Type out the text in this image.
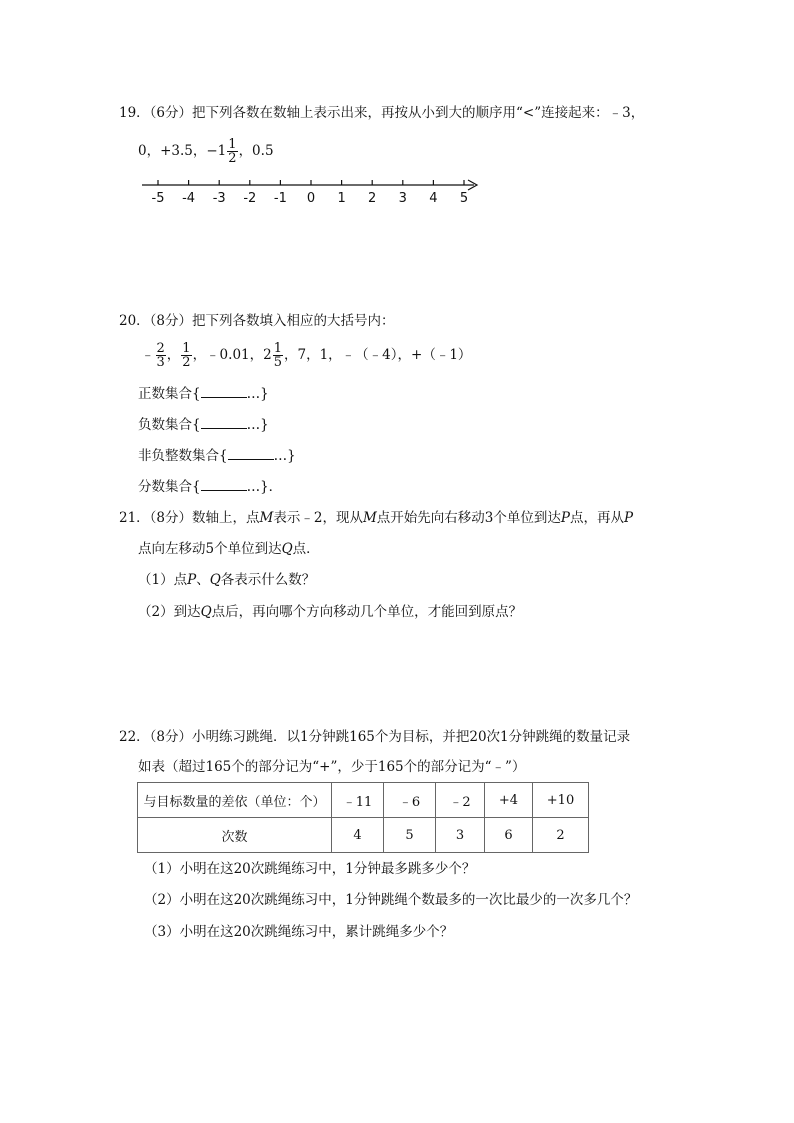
19．（6分）把下列各数在数轴上表示出来，再按从小到大的顺序用“<”连接起来：﹣3，
0，+3.5，$-1 \frac{1}{2}$ ，0.5
-5 -4 -3 -2 -1 0 1 2 3 4 5
20．（8分）把下列各数填入相应的大括号内：
﹣ $\frac{2}{3}$ ， $\frac{1}{2}$ ，﹣0.01，$2 \frac{1}{5}$ ，7，1，﹣（﹣4），+（﹣1）
正数集合{	…}
负数集合{	…}
非负整数集合{	…}
分数集合{	…}．
21．（8分）数轴上，点M表示﹣2，现从M点开始先向右移动3个单位到达P点，再从P
点向左移动5个单位到达Q点．
（1）点P、Q各表示什么数？
（2）到达Q点后，再向哪个方向移动几个单位，才能回到原点？
22．（8分）小明练习跳绳．以1分钟跳165个为目标，并把20次1分钟跳绳的数量记录
如表（超过165个的部分记为“+”，少于165个的部分记为“﹣”）
与目标数量的差依（单位：个）	﹣11	﹣6	﹣2	+4	+10
次数	4	5	3	6	2
（1）小明在这20次跳绳练习中，1分钟最多跳多少个？
（2）小明在这20次跳绳练习中，1分钟跳绳个数最多的一次比最少的一次多几个？
（3）小明在这20次跳绳练习中，累计跳绳多少个？
